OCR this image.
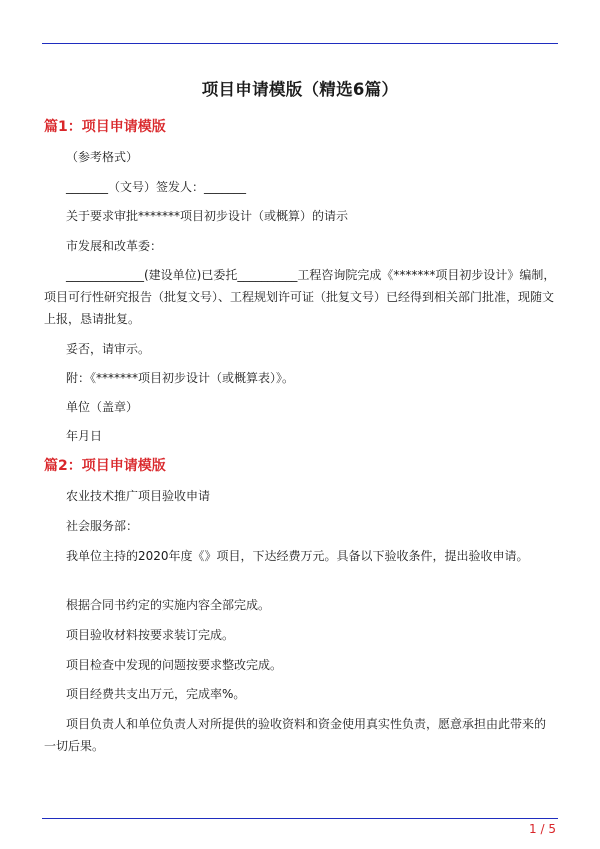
项目申请模版（精选6篇）
篇1：项目申请模版

（参考格式）

_______（文号）签发人：_______

关于要求审批*******项目初步设计（或概算）的请示

市发展和改革委：

_____________(建设单位)已委托__________工程咨询院完成《*******项目初步设计》编制，项目可行性研究报告（批复文号）、工程规划许可证（批复文号）已经得到相关部门批准，现随文上报，恳请批复。

妥否，请审示。

附：《*******项目初步设计（或概算表）》。

单位（盖章）

年月日

篇2：项目申请模版

农业技术推广项目验收申请

社会服务部：

我单位主持的2020年度《》项目，下达经费万元。具备以下验收条件，提出验收申请。

根据合同书约定的实施内容全部完成。

项目验收材料按要求装订完成。

项目检查中发现的问题按要求整改完成。

项目经费共支出万元，完成率%。

项目负责人和单位负责人对所提供的验收资料和资金使用真实性负责，愿意承担由此带来的一切后果。

1 / 5
